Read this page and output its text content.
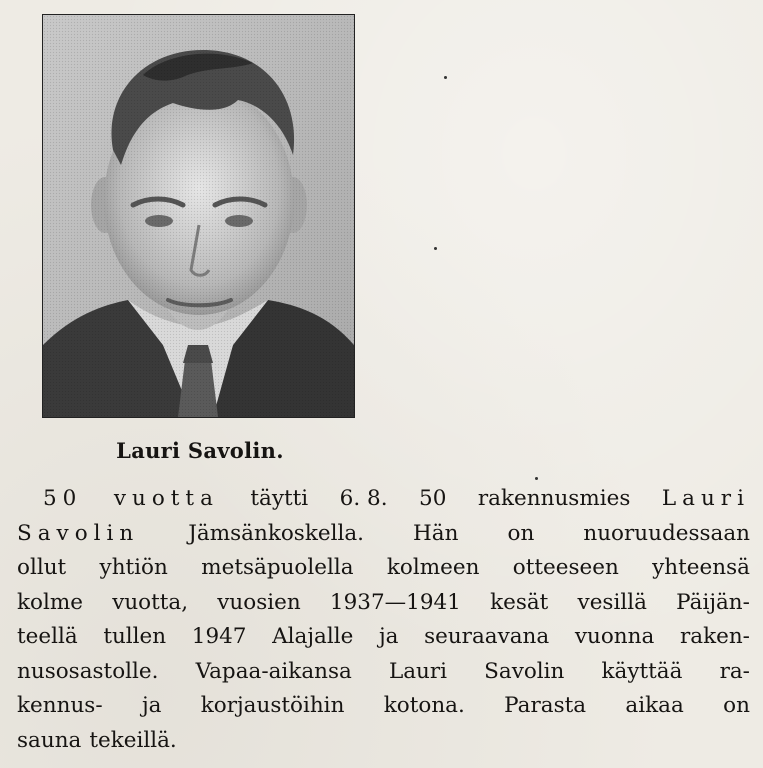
Lauri Savolin.
50 vuotta täytti 6. 8. 50 rakennusmies Lauri
Savolin Jämsänkoskella. Hän on nuoruudessaan
ollut yhtiön metsäpuolella kolmeen otteeseen yhteensä
kolme vuotta, vuosien 1937—1941 kesät vesillä Päijän-
teellä tullen 1947 Alajalle ja seuraavana vuonna raken-
nusosastolle. Vapaa-aikansa Lauri Savolin käyttää ra-
kennus- ja korjaustöihin kotona. Parasta aikaa on
sauna tekeillä.
